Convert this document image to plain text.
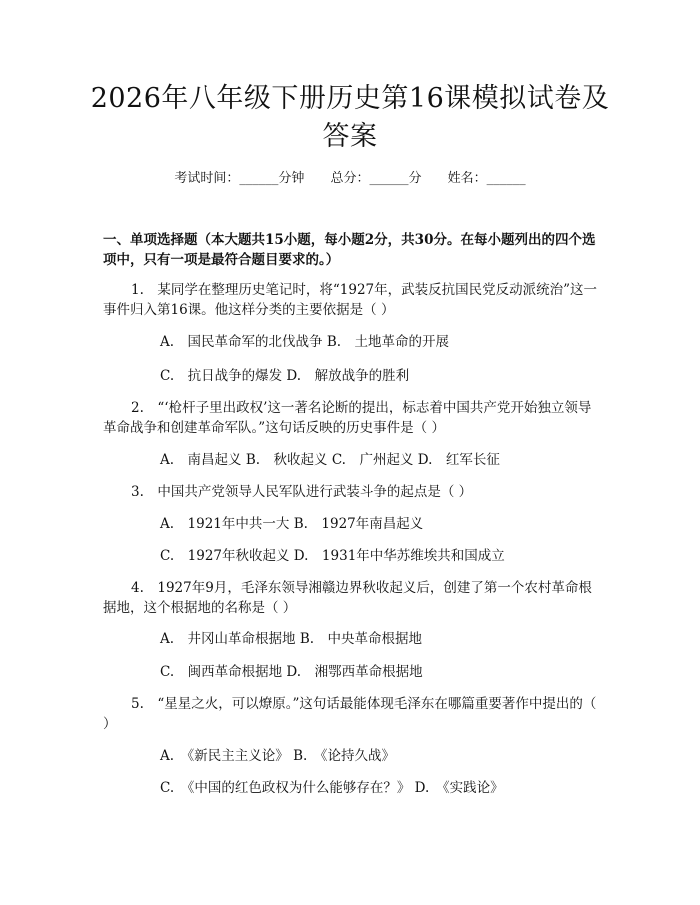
2026年八年级下册历史第16课模拟试卷及答案
考试时间：______分钟 总分：______分 姓名：______
一、单项选择题（本大题共15小题，每小题2分，共30分。在每小题列出的四个选项中，只有一项是最符合题目要求的。）
1.　某同学在整理历史笔记时，将“1927年，武装反抗国民党反动派统治”这一事件归入第16课。他这样分类的主要依据是（ ）
A.　国民革命军的北伐战争 B.　土地革命的开展
C.　抗日战争的爆发 D.　解放战争的胜利
2.　“‘枪杆子里出政权’这一著名论断的提出，标志着中国共产党开始独立领导革命战争和创建革命军队。”这句话反映的历史事件是（ ）
A.　南昌起义 B.　秋收起义 C.　广州起义 D.　红军长征
3.　中国共产党领导人民军队进行武装斗争的起点是（ ）
A.　1921年中共一大 B.　1927年南昌起义
C.　1927年秋收起义 D.　1931年中华苏维埃共和国成立
4.　1927年9月，毛泽东领导湘赣边界秋收起义后，创建了第一个农村革命根据地，这个根据地的名称是（ ）
A.　井冈山革命根据地 B.　中央革命根据地
C.　闽西革命根据地 D.　湘鄂西革命根据地
5.　“星星之火，可以燎原。”这句话最能体现毛泽东在哪篇重要著作中提出的（ ）
A.　《新民主主义论》 B.　《论持久战》
C.　《中国的红色政权为什么能够存在？》 D.　《实践论》
